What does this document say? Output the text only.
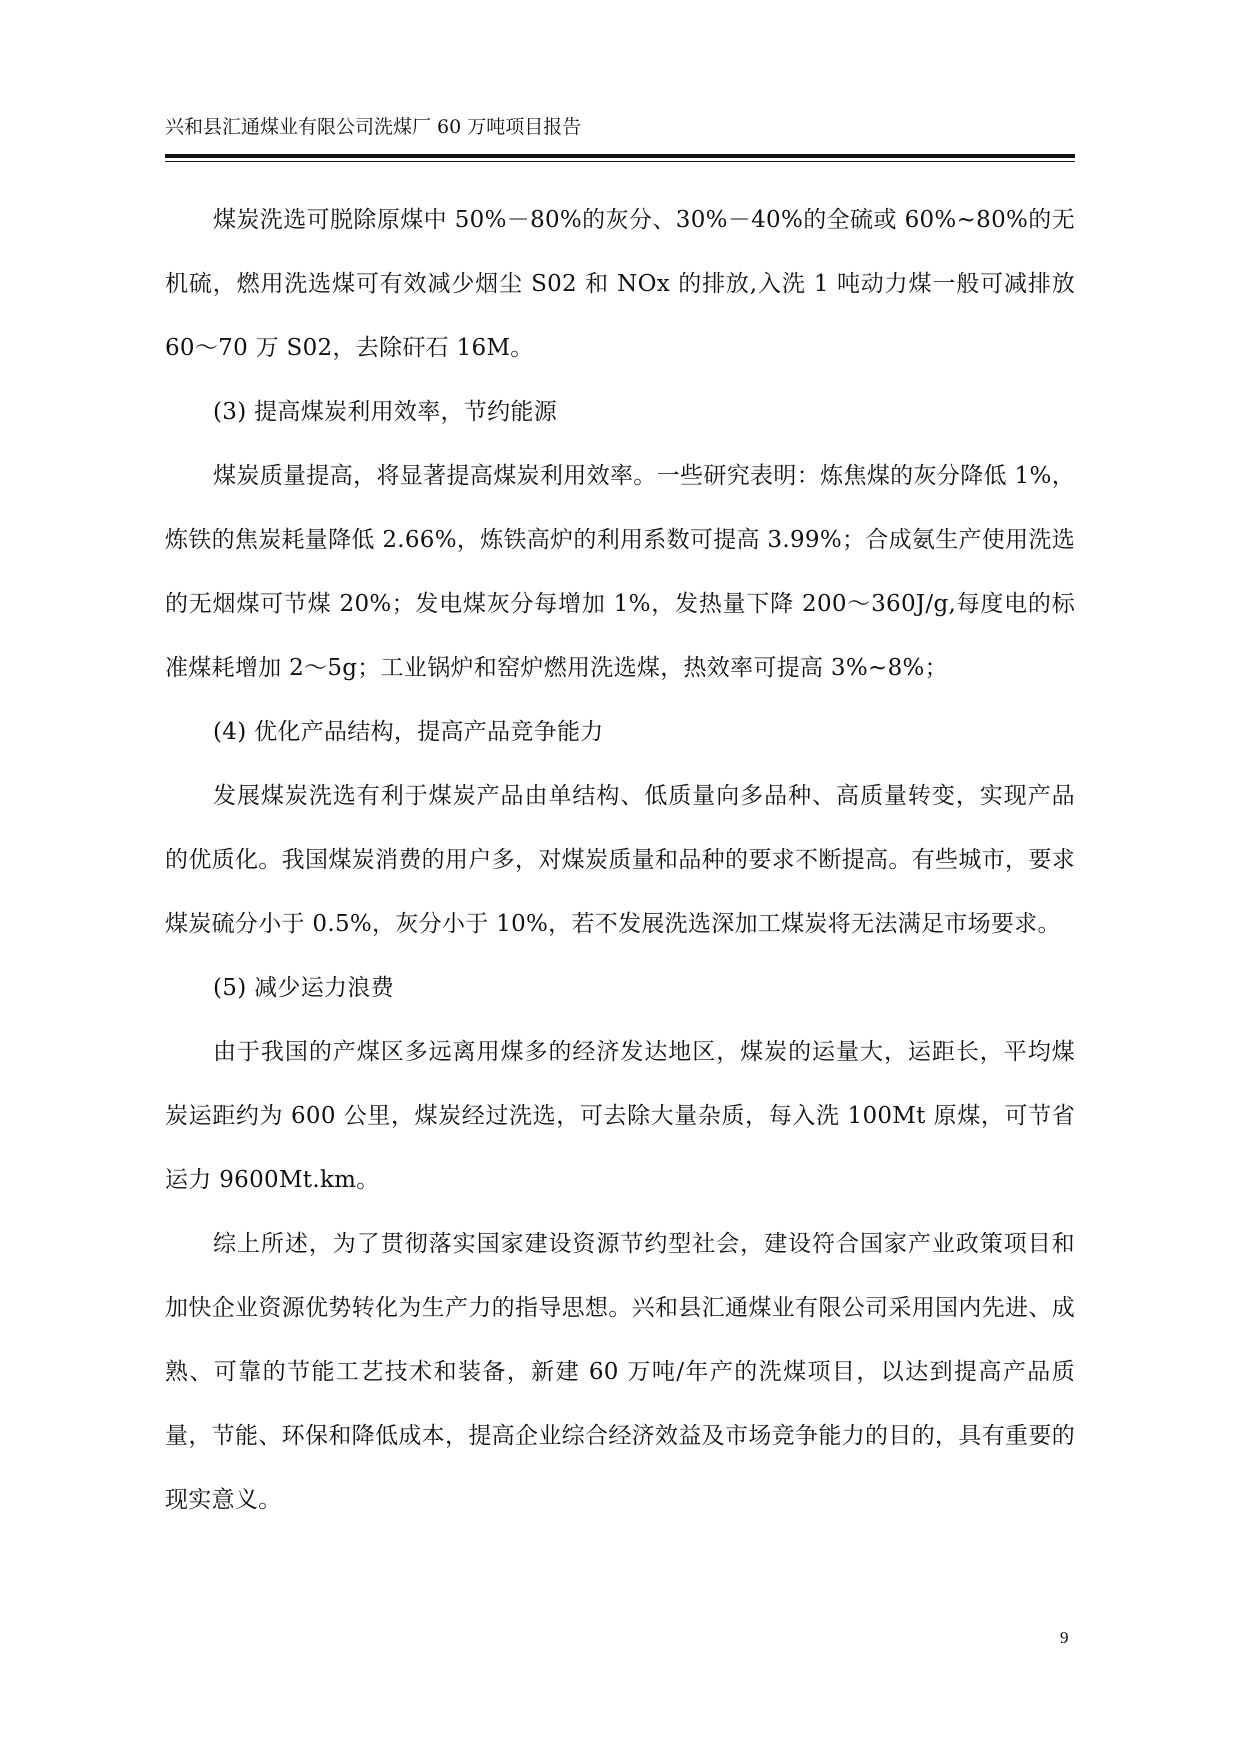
兴和县汇通煤业有限公司洗煤厂 60 万吨项目报告

煤炭洗选可脱除原煤中 50%－80%的灰分、30%－40%的全硫或 60%~80%的无机硫，燃用洗选煤可有效减少烟尘 S02 和 NOx 的排放,入洗 1 吨动力煤一般可减排放 60～70 万 S02，去除矸石 16M。

(3) 提高煤炭利用效率，节约能源

煤炭质量提高，将显著提高煤炭利用效率。一些研究表明：炼焦煤的灰分降低 1%，炼铁的焦炭耗量降低 2.66%，炼铁高炉的利用系数可提高 3.99%；合成氨生产使用洗选的无烟煤可节煤 20%；发电煤灰分每增加 1%，发热量下降 200～360J/g,每度电的标准煤耗增加 2～5g；工业锅炉和窑炉燃用洗选煤，热效率可提高 3%~8%；

(4) 优化产品结构，提高产品竞争能力

发展煤炭洗选有利于煤炭产品由单结构、低质量向多品种、高质量转变，实现产品的优质化。我国煤炭消费的用户多，对煤炭质量和品种的要求不断提高。有些城市，要求煤炭硫分小于 0.5%，灰分小于 10%，若不发展洗选深加工煤炭将无法满足市场要求。

(5) 减少运力浪费

由于我国的产煤区多远离用煤多的经济发达地区，煤炭的运量大，运距长，平均煤炭运距约为 600 公里，煤炭经过洗选，可去除大量杂质，每入洗 100Mt 原煤，可节省运力 9600Mt.km。

综上所述，为了贯彻落实国家建设资源节约型社会，建设符合国家产业政策项目和加快企业资源优势转化为生产力的指导思想。兴和县汇通煤业有限公司采用国内先进、成熟、可靠的节能工艺技术和装备，新建 60 万吨/年产的洗煤项目，以达到提高产品质量，节能、环保和降低成本，提高企业综合经济效益及市场竞争能力的目的，具有重要的现实意义。

9
